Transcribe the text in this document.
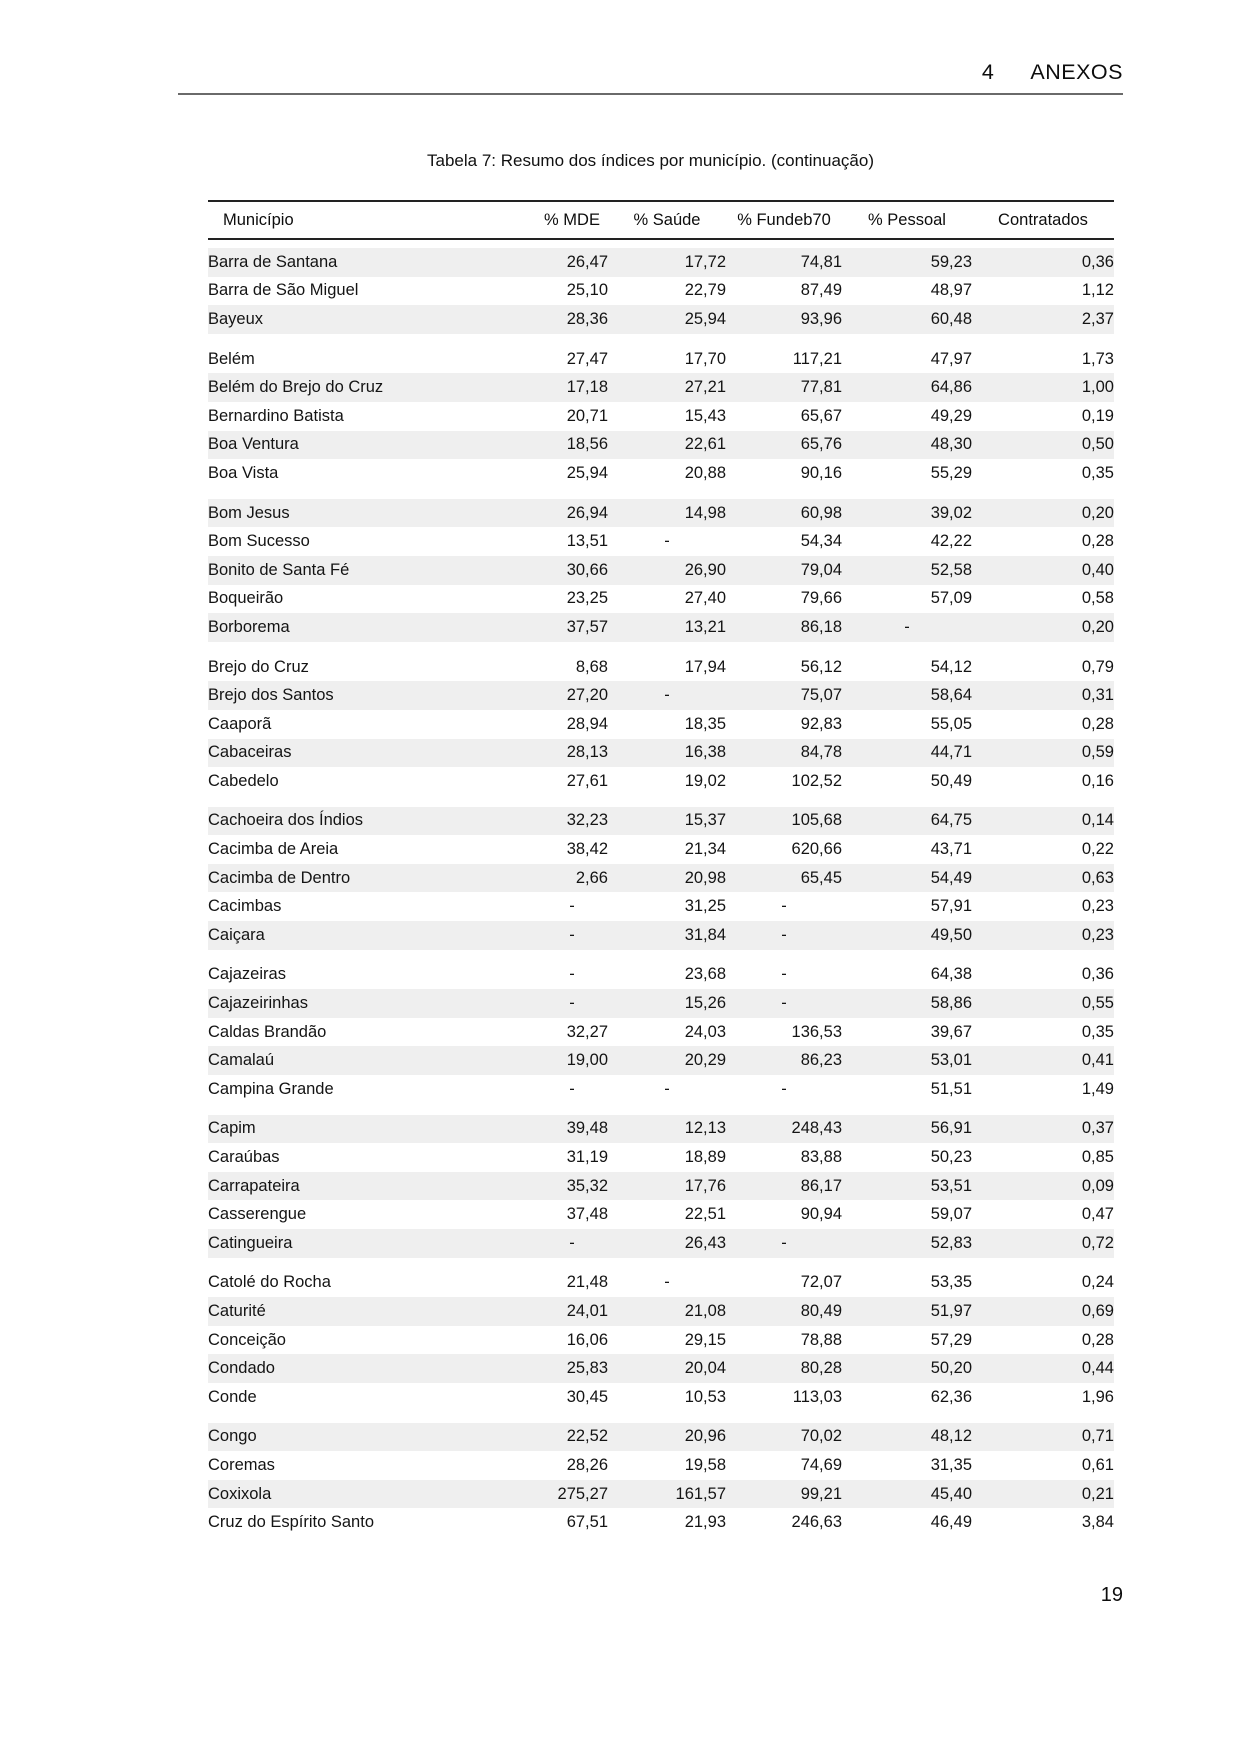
4 ANEXOS
Tabela 7: Resumo dos índices por município. (continuação)
Município	% MDE	% Saúde	% Fundeb70	% Pessoal	Contratados
Barra de Santana	26,47	17,72	74,81	59,23	0,36
Barra de São Miguel	25,10	22,79	87,49	48,97	1,12
Bayeux	28,36	25,94	93,96	60,48	2,37
Belém	27,47	17,70	117,21	47,97	1,73
Belém do Brejo do Cruz	17,18	27,21	77,81	64,86	1,00
Bernardino Batista	20,71	15,43	65,67	49,29	0,19
Boa Ventura	18,56	22,61	65,76	48,30	0,50
Boa Vista	25,94	20,88	90,16	55,29	0,35
Bom Jesus	26,94	14,98	60,98	39,02	0,20
Bom Sucesso	13,51	-	54,34	42,22	0,28
Bonito de Santa Fé	30,66	26,90	79,04	52,58	0,40
Boqueirão	23,25	27,40	79,66	57,09	0,58
Borborema	37,57	13,21	86,18	-	0,20
Brejo do Cruz	8,68	17,94	56,12	54,12	0,79
Brejo dos Santos	27,20	-	75,07	58,64	0,31
Caaporã	28,94	18,35	92,83	55,05	0,28
Cabaceiras	28,13	16,38	84,78	44,71	0,59
Cabedelo	27,61	19,02	102,52	50,49	0,16
Cachoeira dos Índios	32,23	15,37	105,68	64,75	0,14
Cacimba de Areia	38,42	21,34	620,66	43,71	0,22
Cacimba de Dentro	2,66	20,98	65,45	54,49	0,63
Cacimbas	-	31,25	-	57,91	0,23
Caiçara	-	31,84	-	49,50	0,23
Cajazeiras	-	23,68	-	64,38	0,36
Cajazeirinhas	-	15,26	-	58,86	0,55
Caldas Brandão	32,27	24,03	136,53	39,67	0,35
Camalaú	19,00	20,29	86,23	53,01	0,41
Campina Grande	-	-	-	51,51	1,49
Capim	39,48	12,13	248,43	56,91	0,37
Caraúbas	31,19	18,89	83,88	50,23	0,85
Carrapateira	35,32	17,76	86,17	53,51	0,09
Casserengue	37,48	22,51	90,94	59,07	0,47
Catingueira	-	26,43	-	52,83	0,72
Catolé do Rocha	21,48	-	72,07	53,35	0,24
Caturité	24,01	21,08	80,49	51,97	0,69
Conceição	16,06	29,15	78,88	57,29	0,28
Condado	25,83	20,04	80,28	50,20	0,44
Conde	30,45	10,53	113,03	62,36	1,96
Congo	22,52	20,96	70,02	48,12	0,71
Coremas	28,26	19,58	74,69	31,35	0,61
Coxixola	275,27	161,57	99,21	45,40	0,21
Cruz do Espírito Santo	67,51	21,93	246,63	46,49	3,84
19
